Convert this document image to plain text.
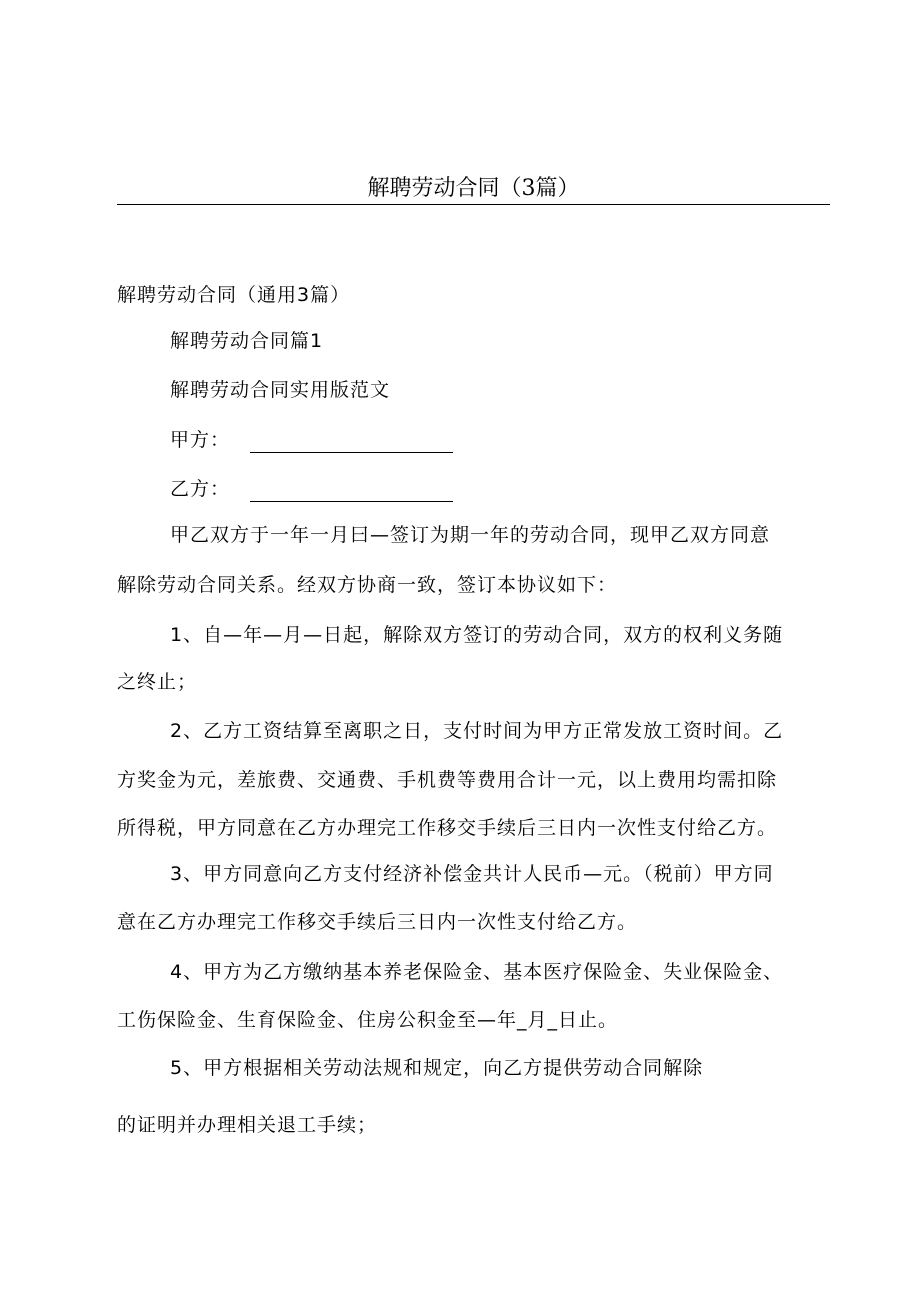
解聘劳动合同（3篇）
解聘劳动合同（通用3篇）
解聘劳动合同篇1
解聘劳动合同实用版范文
甲方：
乙方：
甲乙双方于一年一月曰—签订为期一年的劳动合同，现甲乙双方同意
解除劳动合同关系。经双方协商一致，签订本协议如下：
1、自—年—月—日起，解除双方签订的劳动合同，双方的权利义务随
之终止；
2、乙方工资结算至离职之日，支付时间为甲方正常发放工资时间。乙
方奖金为元，差旅费、交通费、手机费等费用合计一元，以上费用均需扣除
所得税，甲方同意在乙方办理完工作移交手续后三日内一次性支付给乙方。
3、甲方同意向乙方支付经济补偿金共计人民币—元。（税前）甲方同
意在乙方办理完工作移交手续后三日内一次性支付给乙方。
4、甲方为乙方缴纳基本养老保险金、基本医疗保险金、失业保险金、
工伤保险金、生育保险金、住房公积金至—年_月_日止。
5、甲方根据相关劳动法规和规定，向乙方提供劳动合同解除
的证明并办理相关退工手续；
